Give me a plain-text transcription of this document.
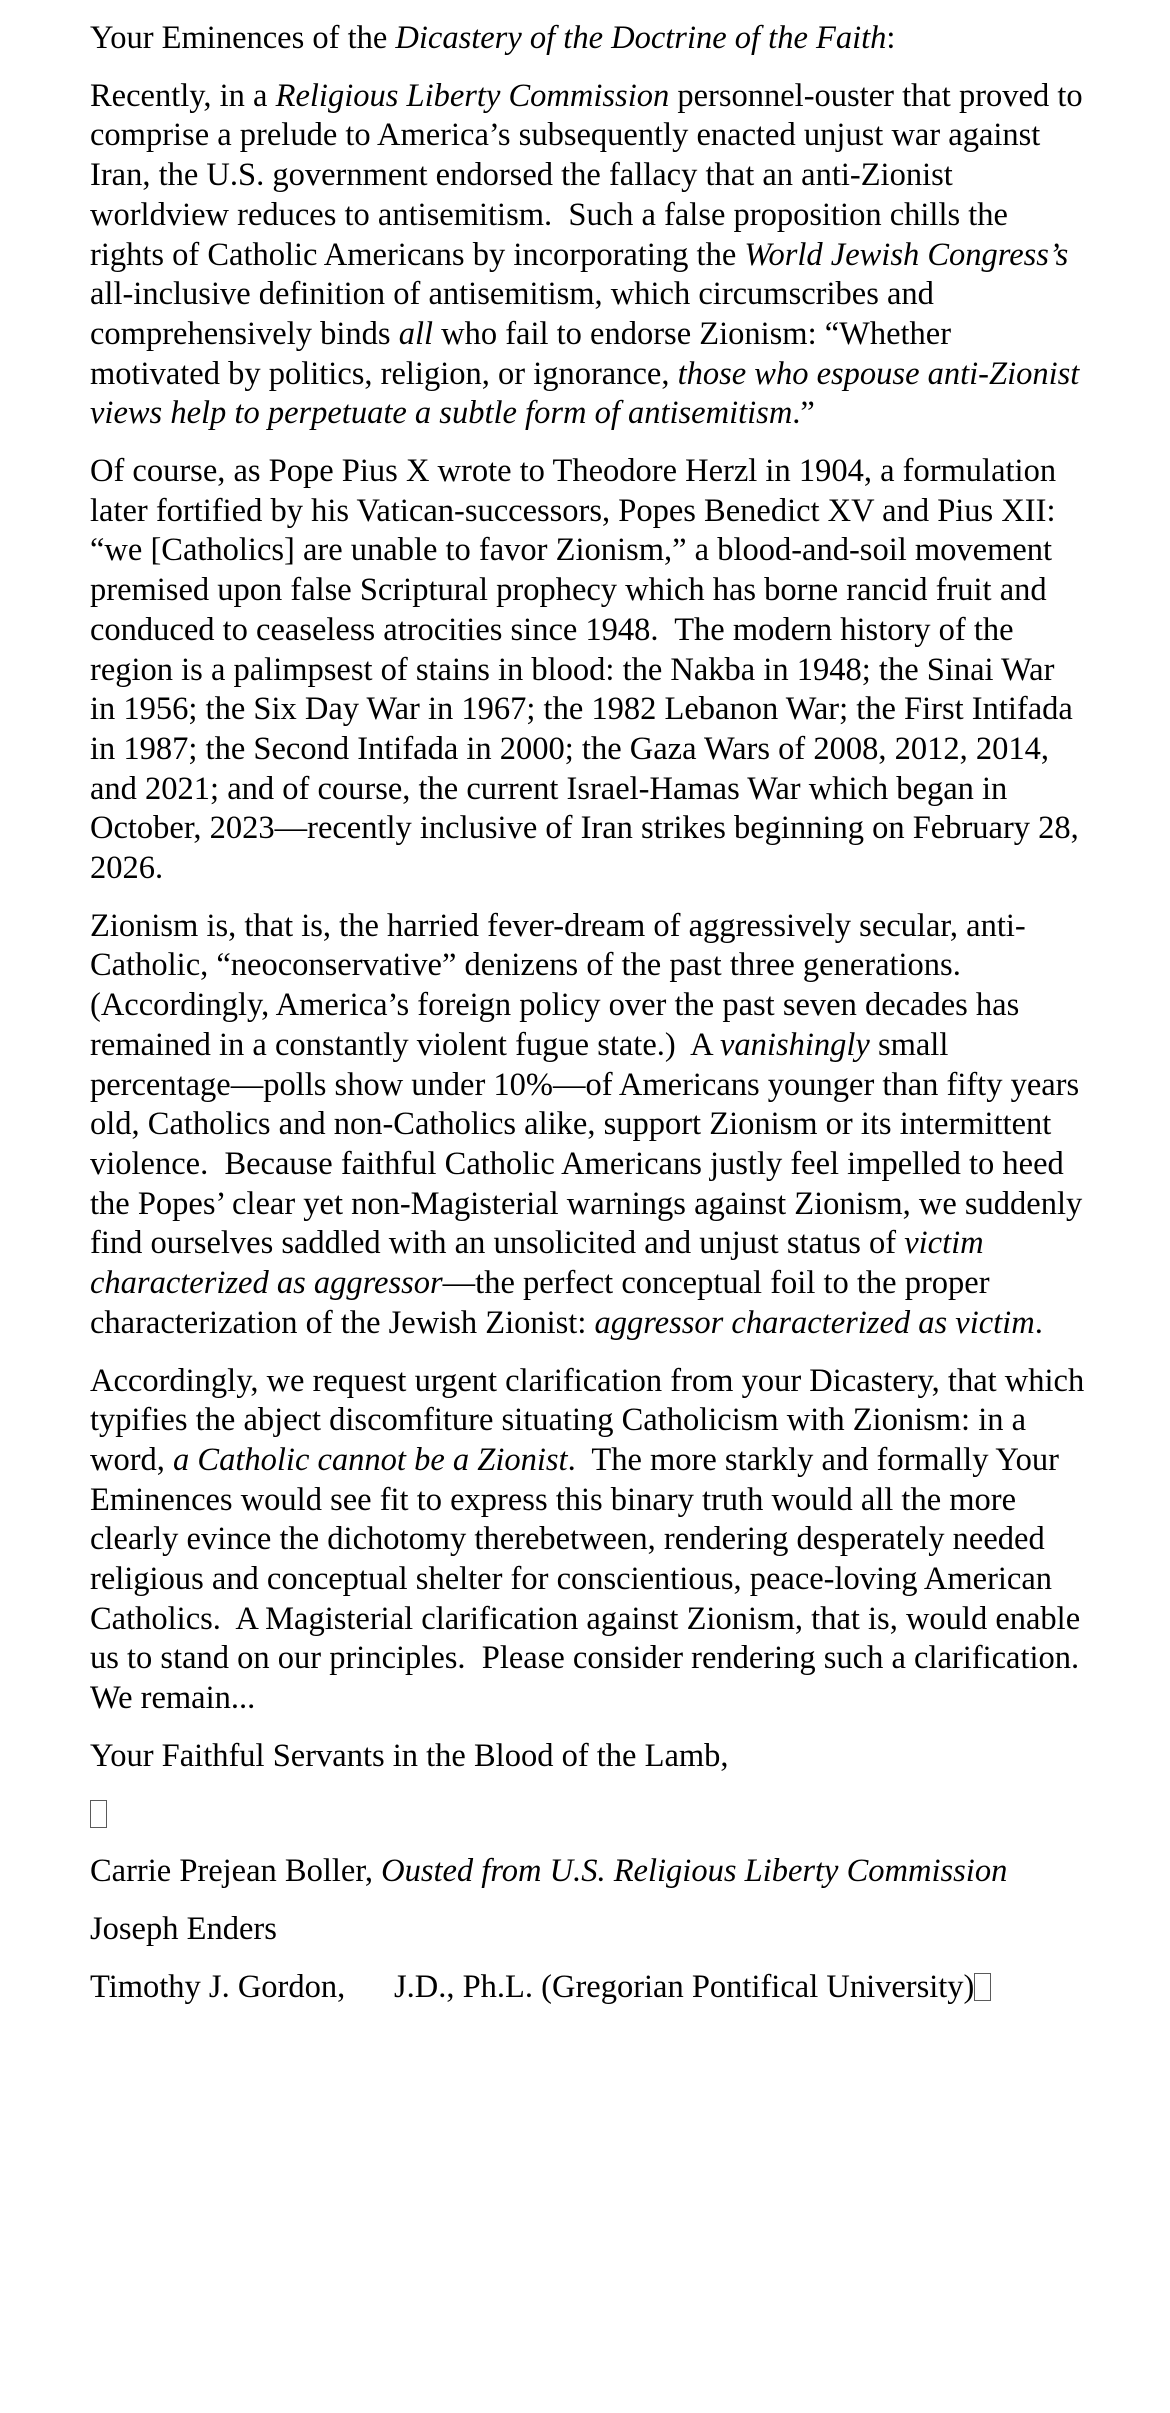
Your Eminences of the Dicastery of the Doctrine of the Faith:

Recently, in a Religious Liberty Commission personnel-ouster that proved to comprise a prelude to America’s subsequently enacted unjust war against Iran, the U.S. government endorsed the fallacy that an anti-Zionist worldview reduces to antisemitism.  Such a false proposition chills the rights of Catholic Americans by incorporating the World Jewish Congress’s all-inclusive definition of antisemitism, which circumscribes and comprehensively binds all who fail to endorse Zionism: “Whether motivated by politics, religion, or ignorance, those who espouse anti-Zionist views help to perpetuate a subtle form of antisemitism.”

Of course, as Pope Pius X wrote to Theodore Herzl in 1904, a formulation later fortified by his Vatican-successors, Popes Benedict XV and Pius XII: “we [Catholics] are unable to favor Zionism,” a blood-and-soil movement premised upon false Scriptural prophecy which has borne rancid fruit and conduced to ceaseless atrocities since 1948.  The modern history of the region is a palimpsest of stains in blood: the Nakba in 1948; the Sinai War in 1956; the Six Day War in 1967; the 1982 Lebanon War; the First Intifada in 1987; the Second Intifada in 2000; the Gaza Wars of 2008, 2012, 2014, and 2021; and of course, the current Israel-Hamas War which began in October, 2023—recently inclusive of Iran strikes beginning on February 28, 2026.

Zionism is, that is, the harried fever-dream of aggressively secular, anti-Catholic, “neoconservative” denizens of the past three generations.  (Accordingly, America’s foreign policy over the past seven decades has remained in a constantly violent fugue state.)  A vanishingly small percentage—polls show under 10%—of Americans younger than fifty years old, Catholics and non-Catholics alike, support Zionism or its intermittent violence.  Because faithful Catholic Americans justly feel impelled to heed the Popes’ clear yet non-Magisterial warnings against Zionism, we suddenly find ourselves saddled with an unsolicited and unjust status of victim characterized as aggressor—the perfect conceptual foil to the proper characterization of the Jewish Zionist: aggressor characterized as victim.

Accordingly, we request urgent clarification from your Dicastery, that which typifies the abject discomfiture situating Catholicism with Zionism: in a word, a Catholic cannot be a Zionist.  The more starkly and formally Your Eminences would see fit to express this binary truth would all the more clearly evince the dichotomy therebetween, rendering desperately needed religious and conceptual shelter for conscientious, peace-loving American Catholics.  A Magisterial clarification against Zionism, that is, would enable us to stand on our principles.  Please consider rendering such a clarification.  We remain...

Your Faithful Servants in the Blood of the Lamb,

Carrie Prejean Boller, Ousted from U.S. Religious Liberty Commission

Joseph Enders

Timothy J. Gordon,      J.D., Ph.L. (Gregorian Pontifical University)
